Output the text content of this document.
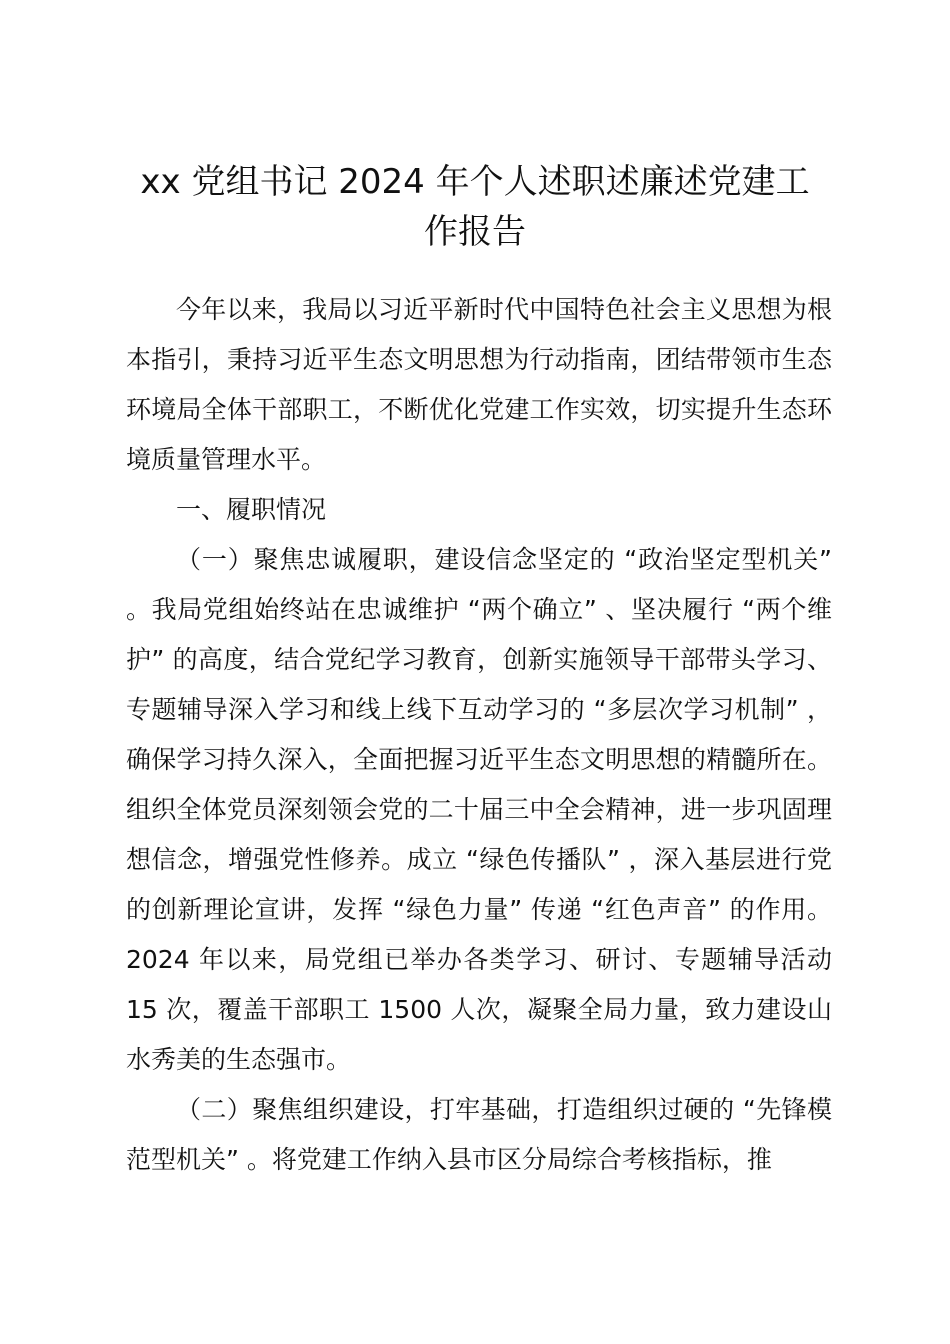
xx 党组书记 2024 年个人述职述廉述党建工
作报告

今年以来，我局以习近平新时代中国特色社会主义思想为根本指引，秉持习近平生态文明思想为行动指南，团结带领市生态环境局全体干部职工，不断优化党建工作实效，切实提升生态环境质量管理水平。

一、履职情况

（一）聚焦忠诚履职，建设信念坚定的 “政治坚定型机关” 。我局党组始终站在忠诚维护 “两个确立” 、坚决履行 “两个维护” 的高度，结合党纪学习教育，创新实施领导干部带头学习、专题辅导深入学习和线上线下互动学习的 “多层次学习机制” ，确保学习持久深入，全面把握习近平生态文明思想的精髓所在。组织全体党员深刻领会党的二十届三中全会精神，进一步巩固理想信念，增强党性修养。成立 “绿色传播队” ，深入基层进行党的创新理论宣讲，发挥 “绿色力量” 传递 “红色声音” 的作用。2024 年以来，局党组已举办各类学习、研讨、专题辅导活动 15 次，覆盖干部职工 1500 人次，凝聚全局力量，致力建设山水秀美的生态强市。

（二）聚焦组织建设，打牢基础，打造组织过硬的 “先锋模范型机关” 。将党建工作纳入县市区分局综合考核指标，推
